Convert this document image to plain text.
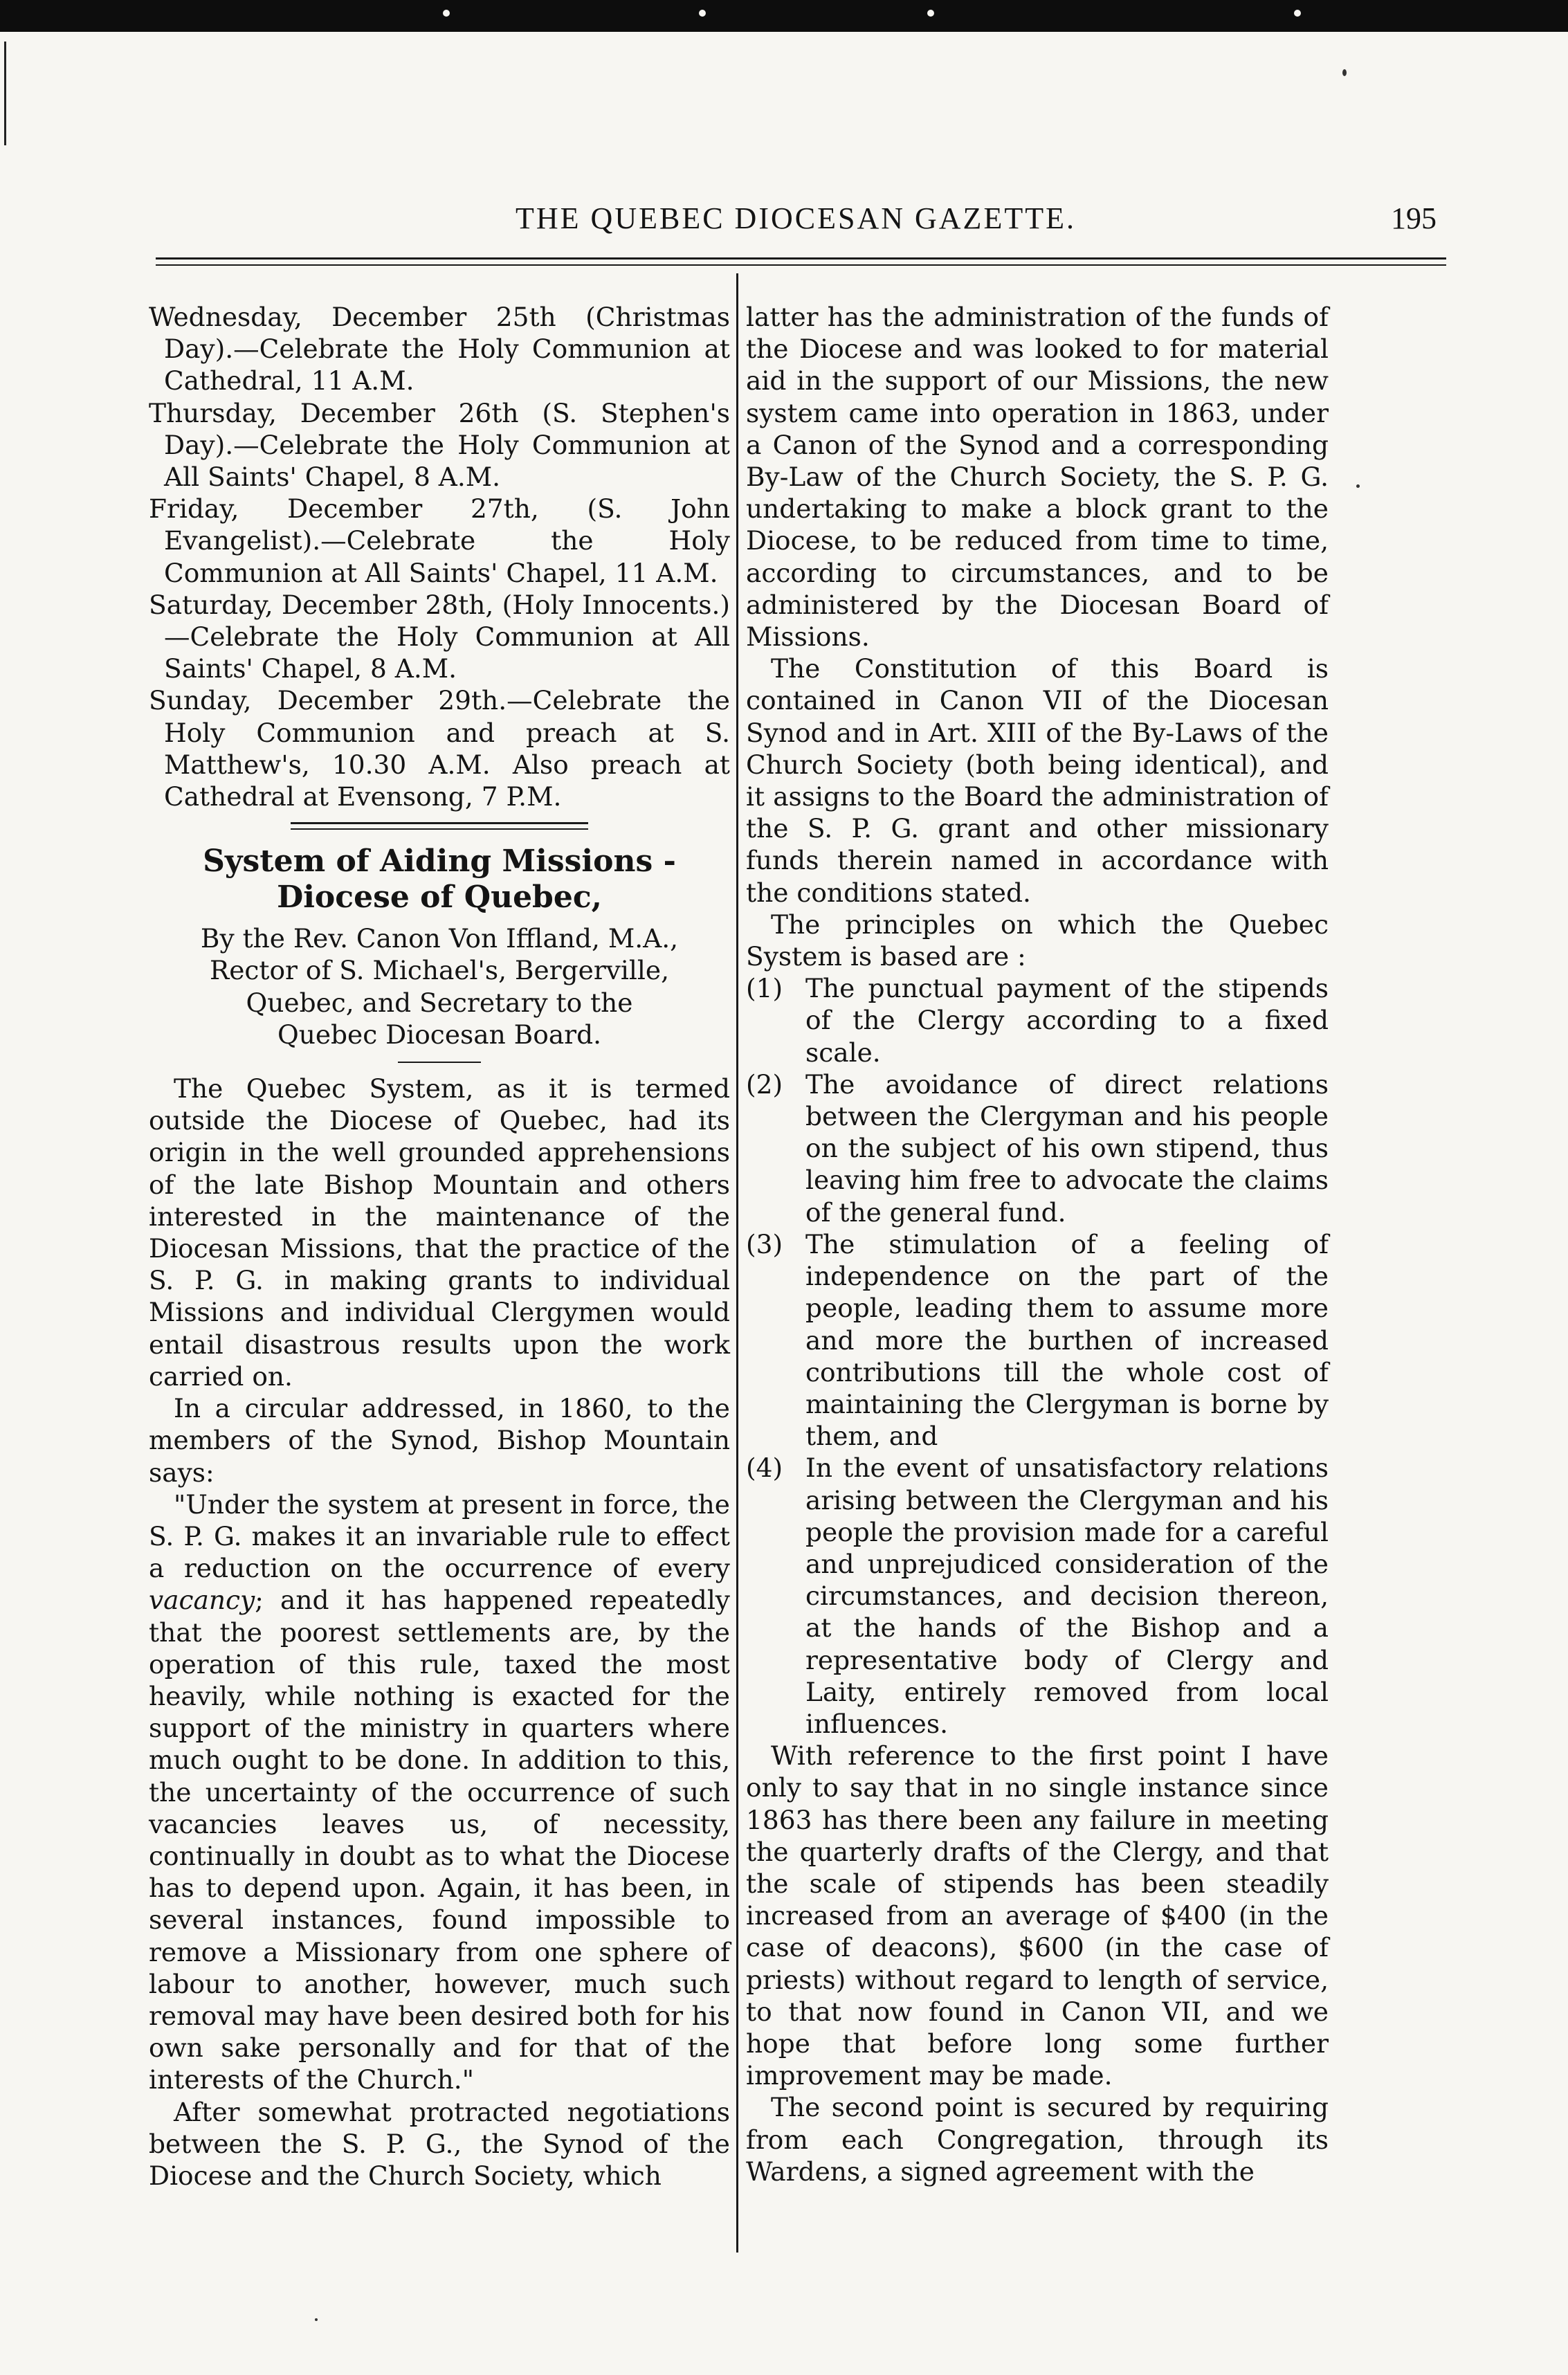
THE QUEBEC DIOCESAN GAZETTE.	195

Wednesday, December 25th (Christmas Day).—Celebrate the Holy Communion at Cathedral, 11 A.M.

Thursday, December 26th (S. Stephen's Day).—Celebrate the Holy Communion at All Saints' Chapel, 8 A.M.

Friday, December 27th, (S. John Evangelist).—Celebrate the Holy Communion at All Saints' Chapel, 11 A.M.

Saturday, December 28th, (Holy Innocents.) —Celebrate the Holy Communion at All Saints' Chapel, 8 A.M.

Sunday, December 29th.—Celebrate the Holy Communion and preach at S. Matthew's, 10.30 A.M. Also preach at Cathedral at Evensong, 7 P.M.

System of Aiding Missions - Diocese of Quebec,

By the Rev. Canon Von Iffland, M.A.,

Rector of S. Michael's, Bergerville,

Quebec, and Secretary to the

Quebec Diocesan Board.

The Quebec System, as it is termed outside the Diocese of Quebec, had its origin in the well grounded apprehensions of the late Bishop Mountain and others interested in the maintenance of the Diocesan Missions, that the practice of the S. P. G. in making grants to individual Missions and individual Clergymen would entail disastrous results upon the work carried on.

In a circular addressed, in 1860, to the members of the Synod, Bishop Mountain says:

"Under the system at present in force, the S. P. G. makes it an invariable rule to effect a reduction on the occurrence of every vacancy; and it has happened repeatedly that the poorest settlements are, by the operation of this rule, taxed the most heavily, while nothing is exacted for the support of the ministry in quarters where much ought to be done. In addition to this, the uncertainty of the occurrence of such vacancies leaves us, of necessity, continually in doubt as to what the Diocese has to depend upon. Again, it has been, in several instances, found impossible to remove a Missionary from one sphere of labour to another, however, much such removal may have been desired both for his own sake personally and for that of the interests of the Church."

After somewhat protracted negotiations between the S. P. G., the Synod of the Diocese and the Church Society, which

latter has the administration of the funds of the Diocese and was looked to for material aid in the support of our Missions, the new system came into operation in 1863, under a Canon of the Synod and a corresponding By-Law of the Church Society, the S. P. G. undertaking to make a block grant to the Diocese, to be reduced from time to time, according to circumstances, and to be administered by the Diocesan Board of Missions.

The Constitution of this Board is contained in Canon VII of the Diocesan Synod and in Art. XIII of the By-Laws of the Church Society (both being identical), and it assigns to the Board the administration of the S. P. G. grant and other missionary funds therein named in accordance with the conditions stated.

The principles on which the Quebec System is based are :

(1) The punctual payment of the stipends of the Clergy according to a fixed scale.
(2) The avoidance of direct relations between the Clergyman and his people on the subject of his own stipend, thus leaving him free to advocate the claims of the general fund.
(3) The stimulation of a feeling of independence on the part of the people, leading them to assume more and more the burthen of increased contributions till the whole cost of maintaining the Clergyman is borne by them, and
(4) In the event of unsatisfactory relations arising between the Clergyman and his people the provision made for a careful and unprejudiced consideration of the circumstances, and decision thereon, at the hands of the Bishop and a representative body of Clergy and Laity, entirely removed from local influences.

With reference to the first point I have only to say that in no single instance since 1863 has there been any failure in meeting the quarterly drafts of the Clergy, and that the scale of stipends has been steadily increased from an average of $400 (in the case of deacons), $600 (in the case of priests) without regard to length of service, to that now found in Canon VII, and we hope that before long some further improvement may be made.

The second point is secured by requiring from each Congregation, through its Wardens, a signed agreement with the
